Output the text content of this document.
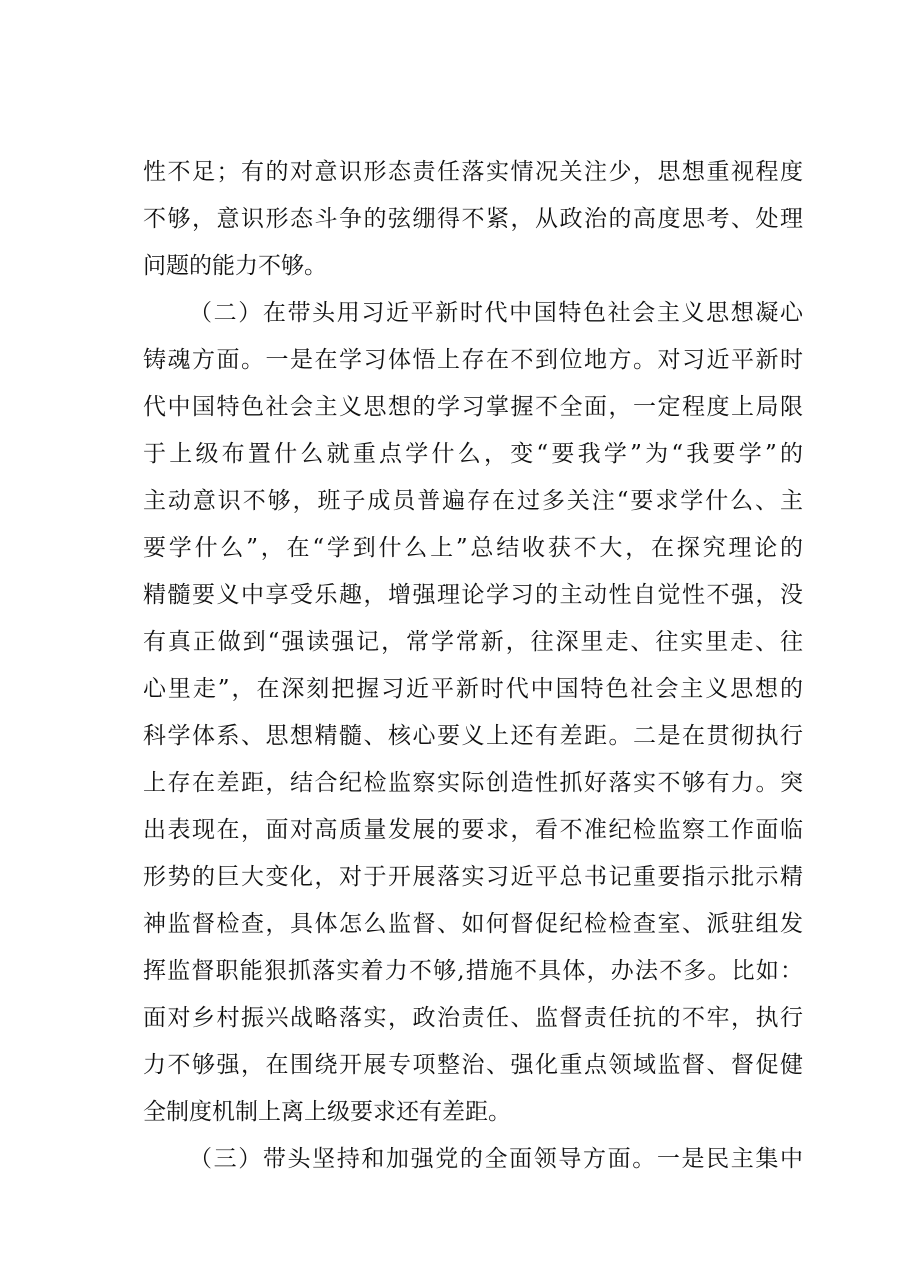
性不足；有的对意识形态责任落实情况关注少，思想重视程度
不够，意识形态斗争的弦绷得不紧，从政治的高度思考、处理
问题的能力不够。
（二）在带头用习近平新时代中国特色社会主义思想凝心
铸魂方面。一是在学习体悟上存在不到位地方。对习近平新时
代中国特色社会主义思想的学习掌握不全面，一定程度上局限
于上级布置什么就重点学什么，变“要我学”为“我要学”的
主动意识不够，班子成员普遍存在过多关注“要求学什么、主
要学什么”，在“学到什么上”总结收获不大，在探究理论的
精髓要义中享受乐趣，增强理论学习的主动性自觉性不强，没
有真正做到“强读强记，常学常新，往深里走、往实里走、往
心里走”，在深刻把握习近平新时代中国特色社会主义思想的
科学体系、思想精髓、核心要义上还有差距。二是在贯彻执行
上存在差距，结合纪检监察实际创造性抓好落实不够有力。突
出表现在，面对高质量发展的要求，看不准纪检监察工作面临
形势的巨大变化，对于开展落实习近平总书记重要指示批示精
神监督检查，具体怎么监督、如何督促纪检检查室、派驻组发
挥监督职能狠抓落实着力不够,措施不具体，办法不多。比如：
面对乡村振兴战略落实，政治责任、监督责任抗的不牢，执行
力不够强，在围绕开展专项整治、强化重点领域监督、督促健
全制度机制上离上级要求还有差距。
（三）带头坚持和加强党的全面领导方面。一是民主集中
